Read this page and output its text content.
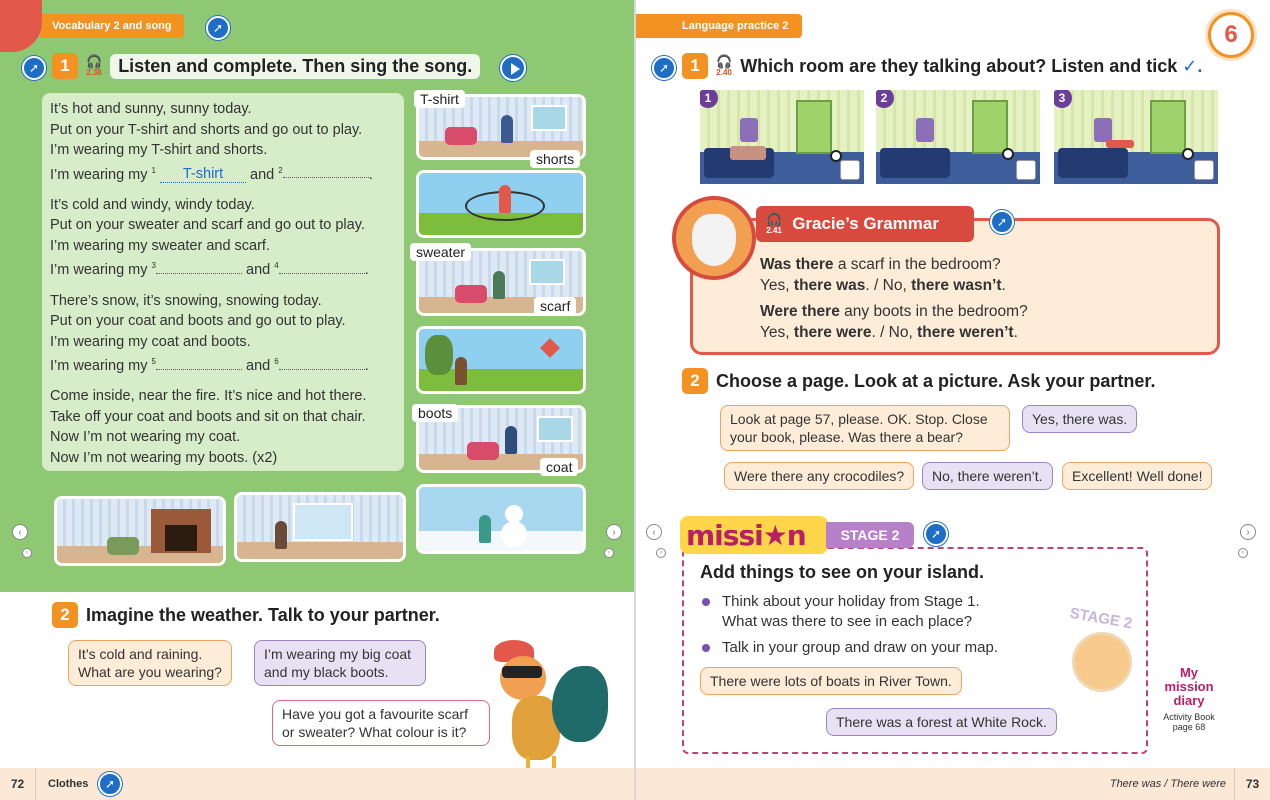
Vocabulary 2 and song	➚
➚	1	🎧
2.38 Listen and complete. Then sing the song.

It’s hot and sunny, sunny today.
Put on your T-shirt and shorts and go out to play.
I’m wearing my T-shirt and shorts.
I’m wearing my $^1$ T-shirt and $^2$	.

It’s cold and windy, windy today.
Put on your sweater and scarf and go out to play.
I’m wearing my sweater and scarf.
I’m wearing my $^3$	and $^4$	.

There’s snow, it’s snowing, snowing today.
Put on your coat and boots and go out to play.
I’m wearing my coat and boots.
I’m wearing my $^5$	and $^6$	.

Come inside, near the fire. It’s nice and hot there.
Take off your coat and boots and sit on that chair.
Now I’m not wearing my coat.
Now I’m not wearing my boots. (x2)

T-shirt
shorts
sweater
scarf
boots
coat
‹
‹
›
‹
2 Imagine the weather. Talk to your partner.
It’s cold and raining. What are you wearing?
I’m wearing my big coat and my black boots.
Have you got a favourite scarf or sweater? What colour is it?
72	Clothes	➚
Language practice 2	6
➚	1	🎧
2.40 Which room are they talking about? Listen and tick ✓.
1	2	3
🎧
2.41 Gracie’s Grammar	➚
Was there a scarf in the bedroom?
Yes, there was. / No, there wasn’t.
Were there any boots in the bedroom?
Yes, there were. / No, there weren’t.
2 Choose a page. Look at a picture. Ask your partner.
Look at page 57, please. OK. Stop. Close your book, please. Was there a bear?
Yes, there was.
Were there any crocodiles?	No, there weren’t.	Excellent! Well done!
‹
›
›
‹
missi★n	STAGE 2	➚
Add things to see on your island.
Think about your holiday from Stage 1. What was there to see in each place?
Talk in your group and draw on your map.
There were lots of boats in River Town.
There was a forest at White Rock.
STAGE 2
My mission diary
Activity Book page 68
There was / There were	73
